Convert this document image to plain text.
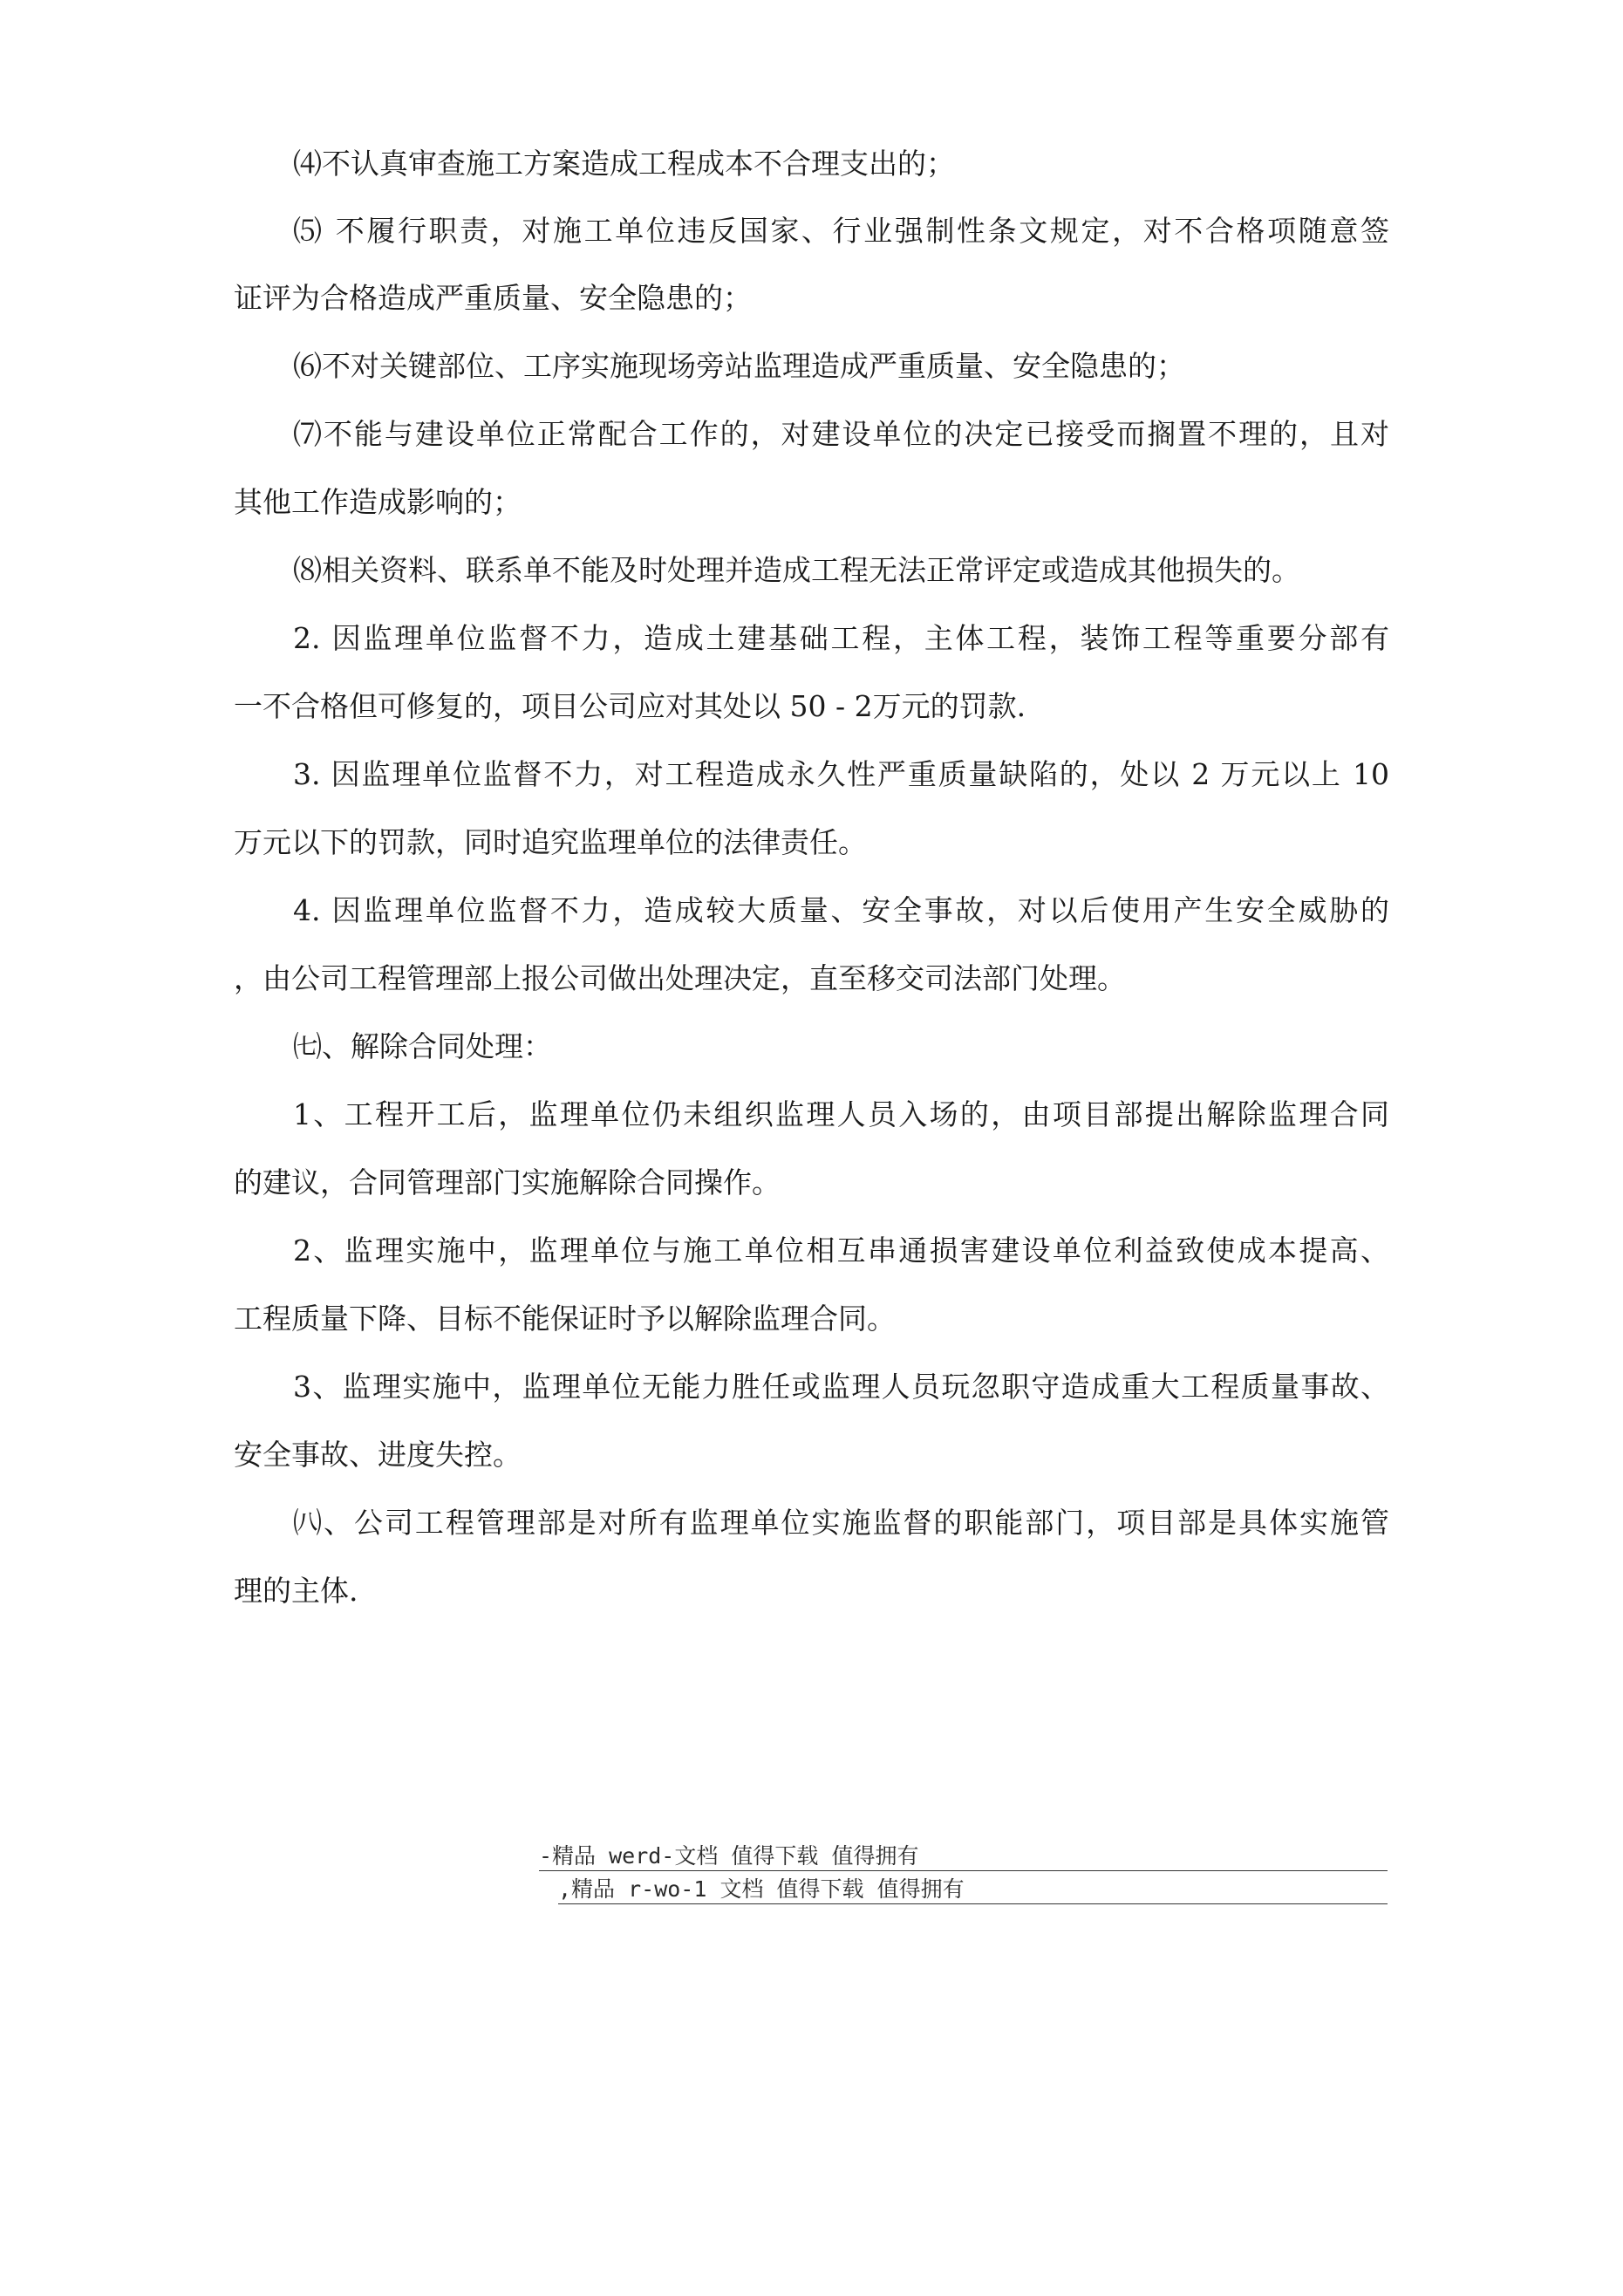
⑷不认真审查施工方案造成工程成本不合理支出的；
⑸ 不履行职责，对施工单位违反国家、行业强制性条文规定，对不合格项随意签
证评为合格造成严重质量、安全隐患的；
⑹不对关键部位、工序实施现场旁站监理造成严重质量、安全隐患的；
⑺不能与建设单位正常配合工作的，对建设单位的决定已接受而搁置不理的，且对
其他工作造成影响的；
⑻相关资料、联系单不能及时处理并造成工程无法正常评定或造成其他损失的。
2. 因监理单位监督不力，造成土建基础工程，主体工程，装饰工程等重要分部有
一不合格但可修复的，项目公司应对其处以 50 - 2万元的罚款.
3. 因监理单位监督不力，对工程造成永久性严重质量缺陷的，处以 2 万元以上 10
万元以下的罚款，同时追究监理单位的法律责任。
4. 因监理单位监督不力，造成较大质量、安全事故，对以后使用产生安全威胁的
，由公司工程管理部上报公司做出处理决定，直至移交司法部门处理。
㈦、解除合同处理：
1、工程开工后，监理单位仍未组织监理人员入场的，由项目部提出解除监理合同
的建议，合同管理部门实施解除合同操作。
2、监理实施中，监理单位与施工单位相互串通损害建设单位利益致使成本提高、
工程质量下降、目标不能保证时予以解除监理合同。
3、监理实施中，监理单位无能力胜任或监理人员玩忽职守造成重大工程质量事故、
安全事故、进度失控。
㈧、公司工程管理部是对所有监理单位实施监督的职能部门，项目部是具体实施管
理的主体.
-精品 werd-文档 值得下载 值得拥有
,精品 r-wo-1 文档 值得下载 值得拥有
